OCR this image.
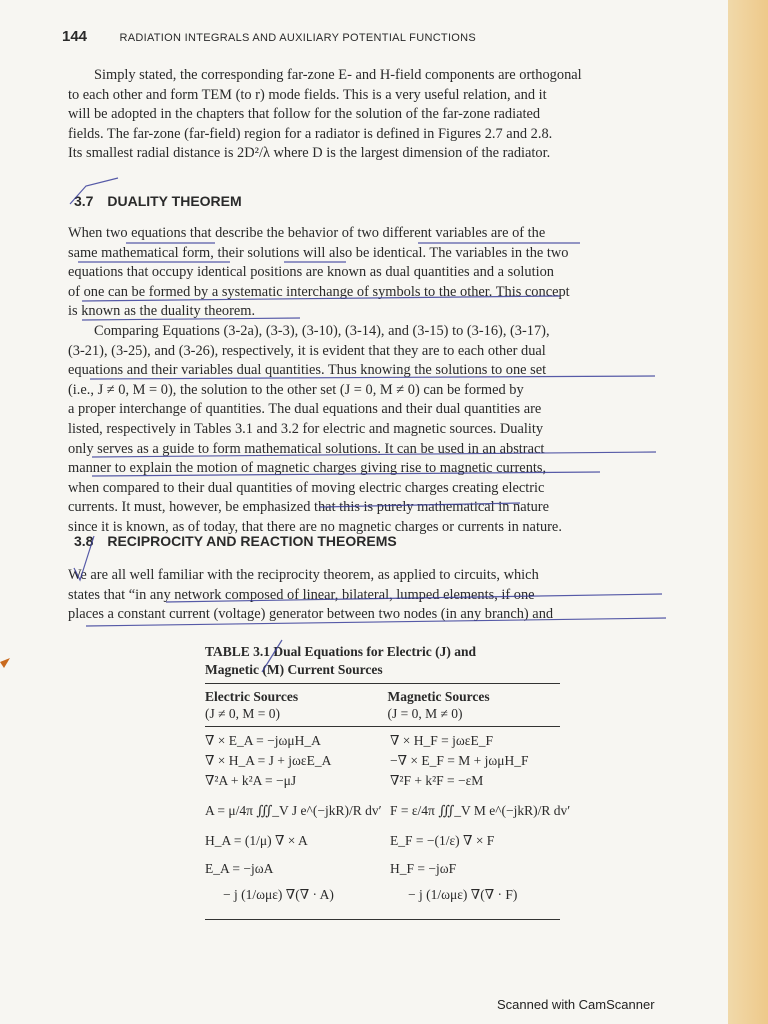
144	RADIATION INTEGRALS AND AUXILIARY POTENTIAL FUNCTIONS
Simply stated, the corresponding far-zone E- and H-field components are orthogonal
to each other and form TEM (to r) mode fields. This is a very useful relation, and it
will be adopted in the chapters that follow for the solution of the far-zone radiated
fields. The far-zone (far-field) region for a radiator is defined in Figures 2.7 and 2.8.
Its smallest radial distance is 2D²/λ where D is the largest dimension of the radiator.
3.7 DUALITY THEOREM
When two equations that describe the behavior of two different variables are of the
same mathematical form, their solutions will also be identical. The variables in the two
equations that occupy identical positions are known as dual quantities and a solution
of one can be formed by a systematic interchange of symbols to the other. This concept
is known as the duality theorem.
Comparing Equations (3-2a), (3-3), (3-10), (3-14), and (3-15) to (3-16), (3-17),
(3-21), (3-25), and (3-26), respectively, it is evident that they are to each other dual
equations and their variables dual quantities. Thus knowing the solutions to one set
(i.e., J ≠ 0, M = 0), the solution to the other set (J = 0, M ≠ 0) can be formed by
a proper interchange of quantities. The dual equations and their dual quantities are
listed, respectively in Tables 3.1 and 3.2 for electric and magnetic sources. Duality
only serves as a guide to form mathematical solutions. It can be used in an abstract
manner to explain the motion of magnetic charges giving rise to magnetic currents,
when compared to their dual quantities of moving electric charges creating electric
currents. It must, however, be emphasized that this is purely mathematical in nature
since it is known, as of today, that there are no magnetic charges or currents in nature.
3.8 RECIPROCITY AND REACTION THEOREMS
We are all well familiar with the reciprocity theorem, as applied to circuits, which
states that “in any network composed of linear, bilateral, lumped elements, if one
places a constant current (voltage) generator between two nodes (in any branch) and
TABLE 3.1 Dual Equations for Electric (J) and
Magnetic (M) Current Sources
Electric Sources
(J ≠ 0, M = 0)
Magnetic Sources
(J = 0, M ≠ 0)
∇ × E_A = −jωμH_A
∇ × H_A = J + jωεE_A
∇²A + k²A = −μJ
A = μ/4π ∭_V J e^(−jkR)/R dv′
H_A = (1/μ) ∇ × A
E_A = −jωA
− j (1/ωμε) ∇(∇ · A)
∇ × H_F = jωεE_F
−∇ × E_F = M + jωμH_F
∇²F + k²F = −εM
F = ε/4π ∭_V M e^(−jkR)/R dv′
E_F = −(1/ε) ∇ × F
H_F = −jωF
− j (1/ωμε) ∇(∇ · F)
Scanned with CamScanner
